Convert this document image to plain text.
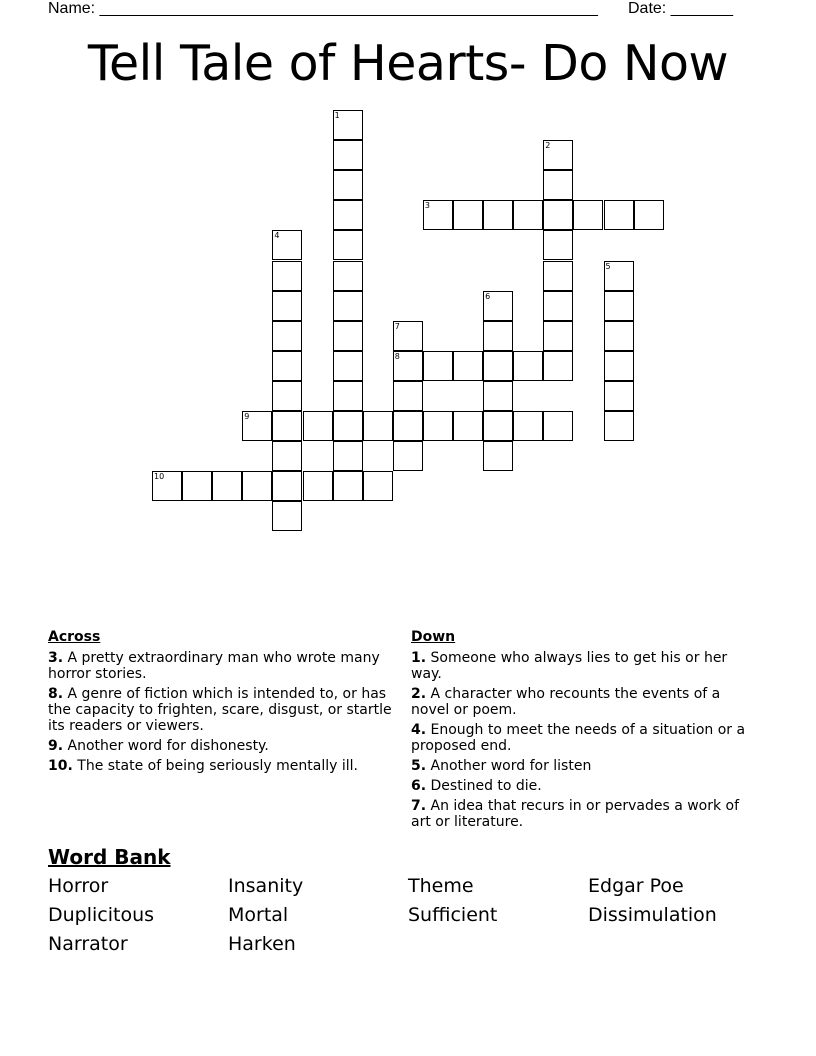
Name: ________________________________________________________ Date: _______
Tell Tale of Hearts- Do Now
1
2
3
4
5
6
7
8
9
10
Across
3. A pretty extraordinary man who wrote many horror stories.
8. A genre of fiction which is intended to, or has the capacity to frighten, scare, disgust, or startle its readers or viewers.
9. Another word for dishonesty.
10. The state of being seriously mentally ill.
Down
1. Someone who always lies to get his or her way.
2. A character who recounts the events of a novel or poem.
4. Enough to meet the needs of a situation or a proposed end.
5. Another word for listen
6. Destined to die.
7. An idea that recurs in or pervades a work of art or literature.
Word Bank
Horror	Insanity	Theme	Edgar Poe
Duplicitous	Mortal	Sufficient	Dissimulation
Narrator	Harken
